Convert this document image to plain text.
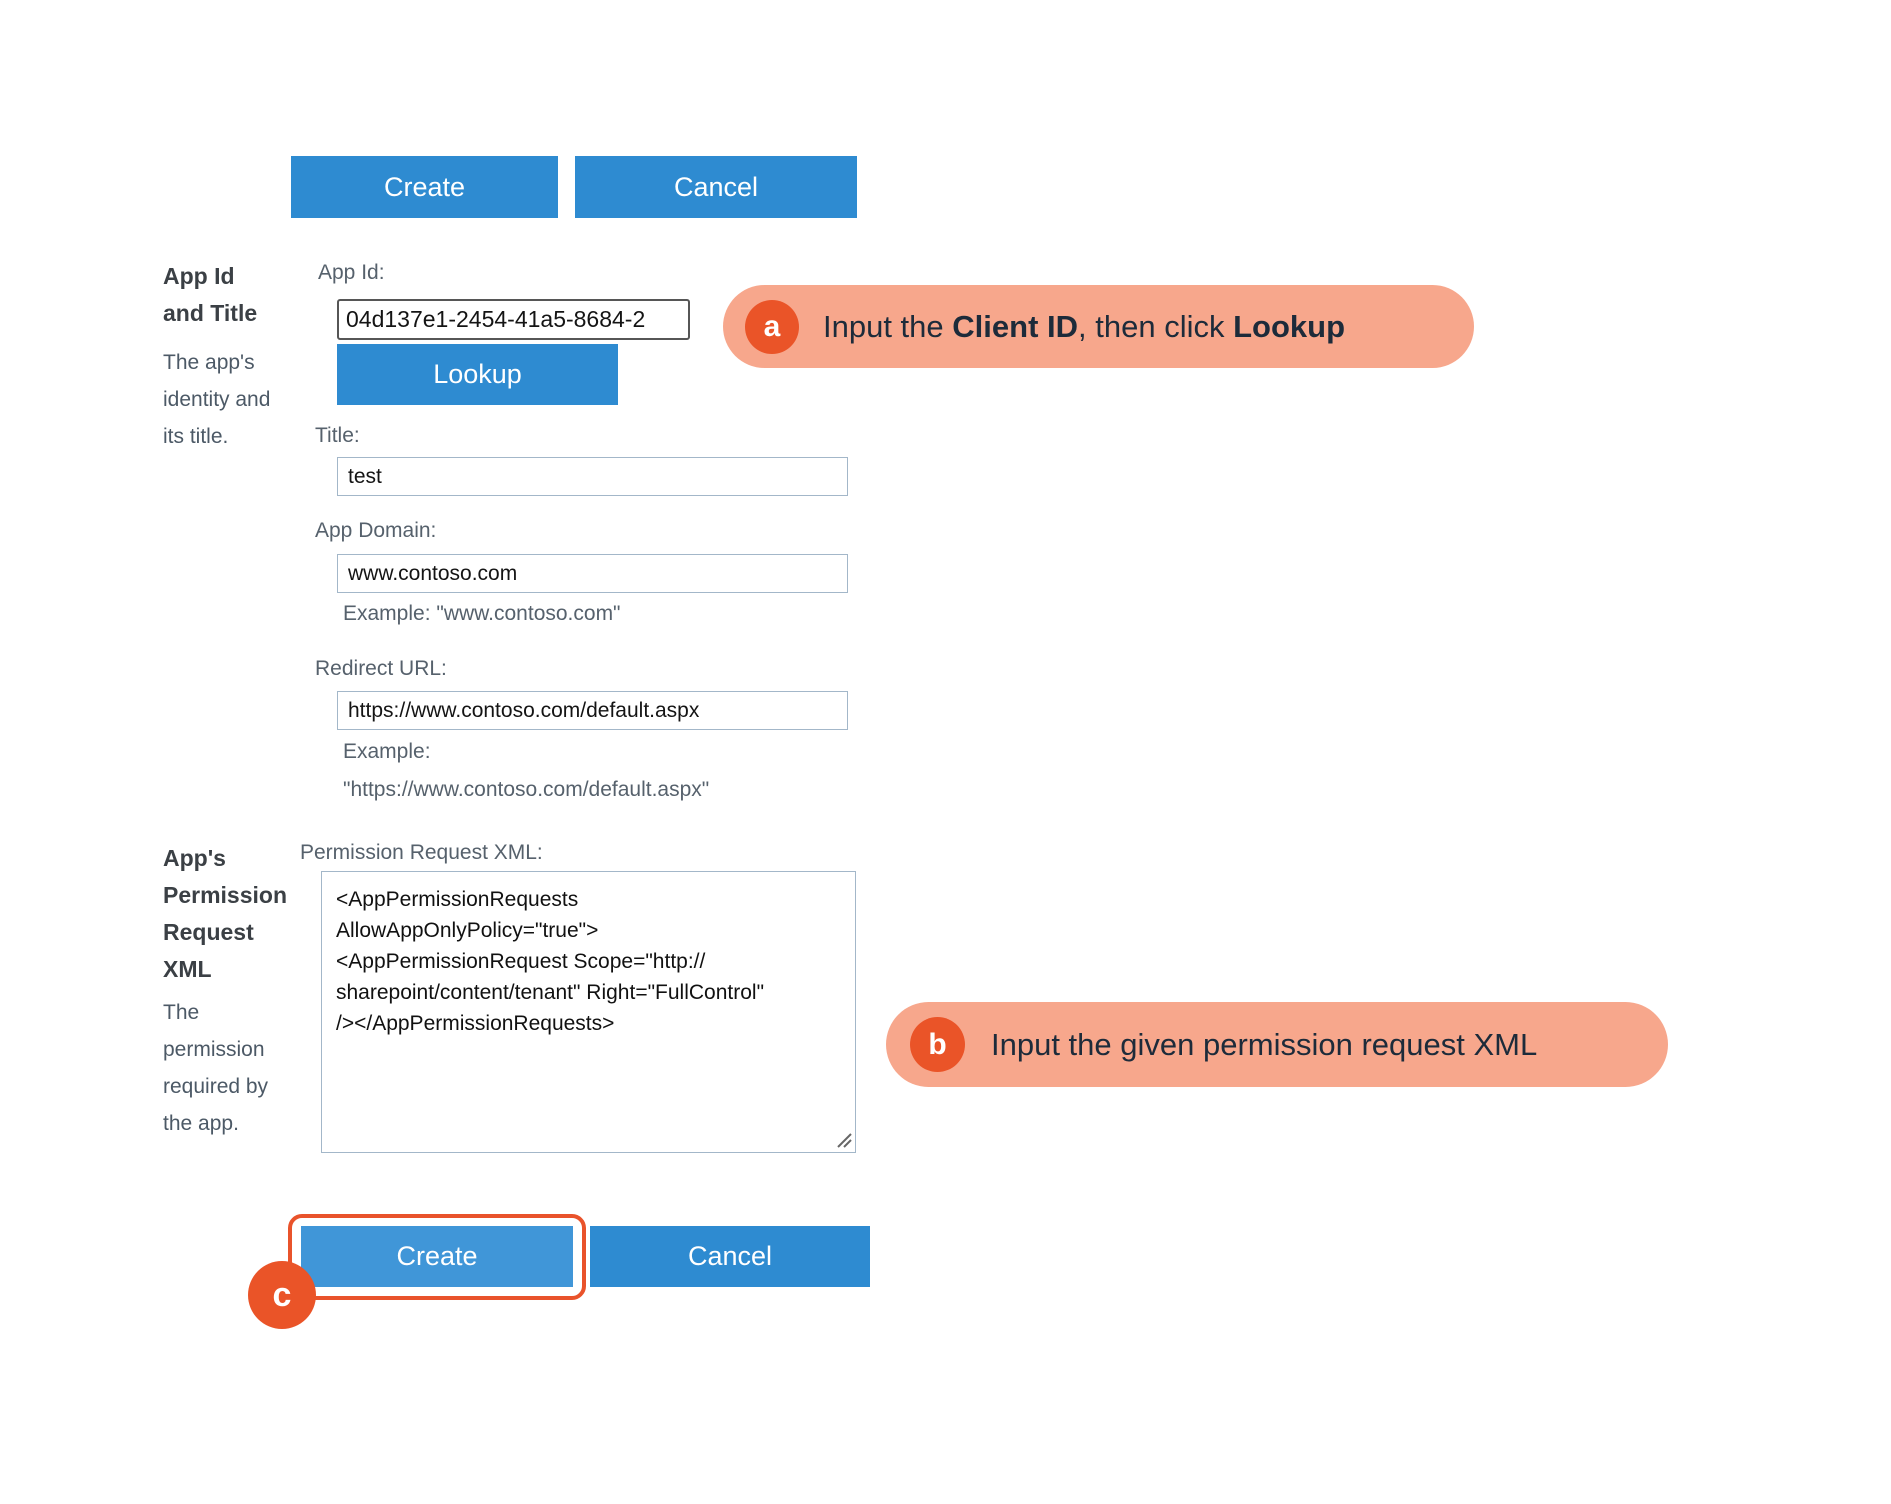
Create	Cancel
App Id
and Title
The app's
identity and
its title.
App Id:
04d137e1-2454-41a5-8684-2
Lookup
Title:
test
App Domain:
www.contoso.com
Example: "www.contoso.com"
Redirect URL:
https://www.contoso.com/default.aspx
Example:
"https://www.contoso.com/default.aspx"
App's
Permission
Request
XML
The
permission
required by
the app.
Permission Request XML:
<AppPermissionRequests AllowAppOnlyPolicy="true"> <AppPermissionRequest Scope="http:// sharepoint/content/tenant" Right="FullControl" /></AppPermissionRequests>
a	Input the Client ID, then click Lookup
b	Input the given permission request XML
Create	Cancel
c
